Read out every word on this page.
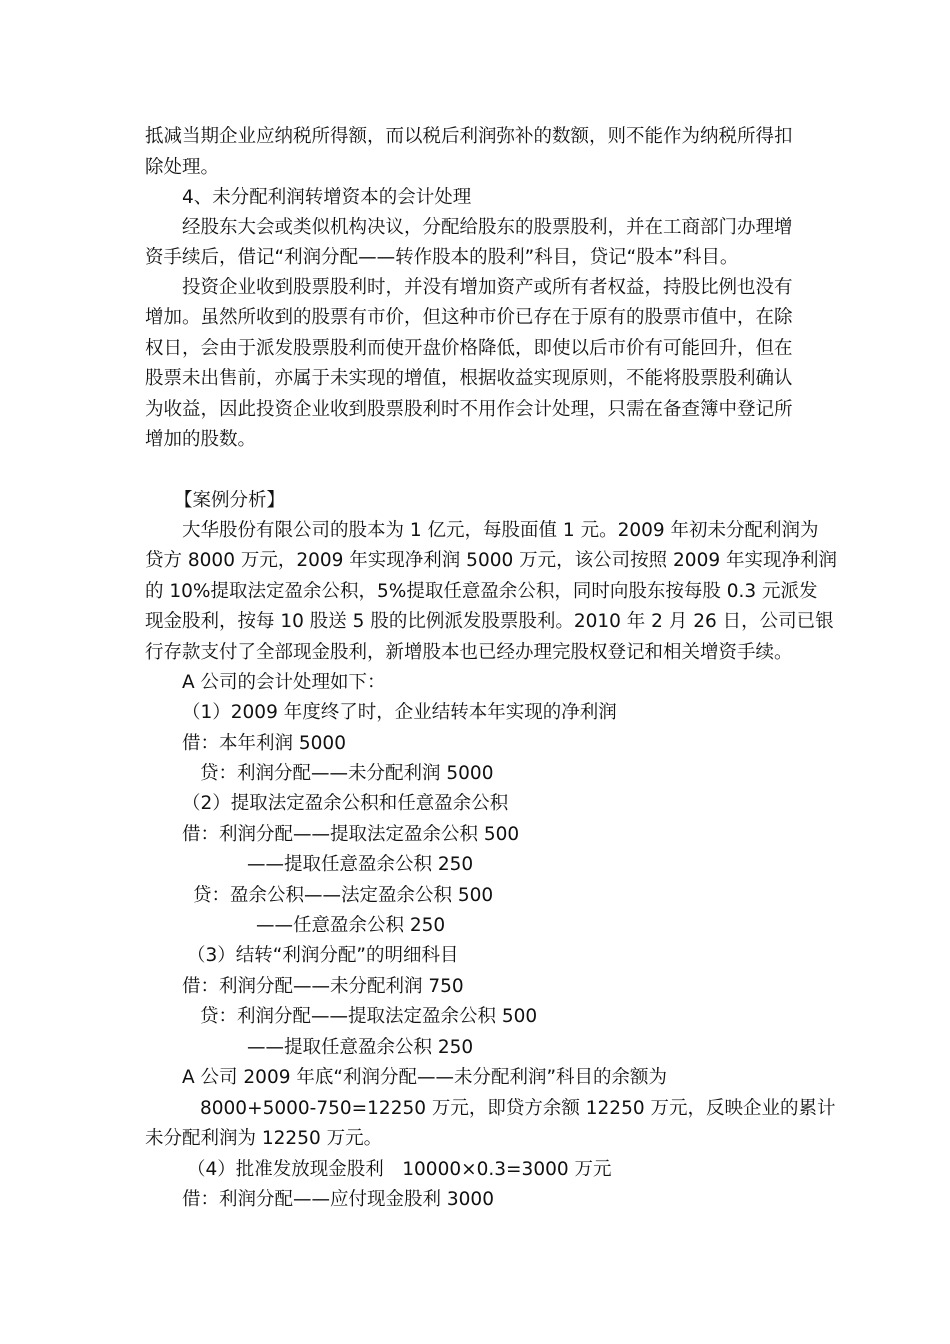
抵减当期企业应纳税所得额，而以税后利润弥补的数额，则不能作为纳税所得扣
除处理。
4、未分配利润转增资本的会计处理
经股东大会或类似机构决议，分配给股东的股票股利，并在工商部门办理增
资手续后，借记“利润分配——转作股本的股利”科目，贷记“股本”科目。
投资企业收到股票股利时，并没有增加资产或所有者权益，持股比例也没有
增加。虽然所收到的股票有市价，但这种市价已存在于原有的股票市值中，在除
权日，会由于派发股票股利而使开盘价格降低，即使以后市价有可能回升，但在
股票未出售前，亦属于未实现的增值，根据收益实现原则，不能将股票股利确认
为收益，因此投资企业收到股票股利时不用作会计处理，只需在备查簿中登记所
增加的股数。
【案例分析】
大华股份有限公司的股本为 1 亿元，每股面值 1 元。2009 年初未分配利润为
贷方 8000 万元，2009 年实现净利润 5000 万元，该公司按照 2009 年实现净利润
的 10%提取法定盈余公积，5%提取任意盈余公积，同时向股东按每股 0.3 元派发
现金股利，按每 10 股送 5 股的比例派发股票股利。2010 年 2 月 26 日，公司已银
行存款支付了全部现金股利，新增股本也已经办理完股权登记和相关增资手续。
A 公司的会计处理如下：
（1）2009 年度终了时，企业结转本年实现的净利润
借：本年利润 5000
贷：利润分配——未分配利润 5000
（2）提取法定盈余公积和任意盈余公积
借：利润分配——提取法定盈余公积 500
——提取任意盈余公积 250
贷：盈余公积——法定盈余公积 500
——任意盈余公积 250
（3）结转“利润分配”的明细科目
借：利润分配——未分配利润 750
贷：利润分配——提取法定盈余公积 500
——提取任意盈余公积 250
A 公司 2009 年底“利润分配——未分配利润”科目的余额为
8000+5000-750=12250 万元，即贷方余额 12250 万元，反映企业的累计
未分配利润为 12250 万元。
（4）批准发放现金股利　10000×0.3=3000 万元
借：利润分配——应付现金股利 3000
